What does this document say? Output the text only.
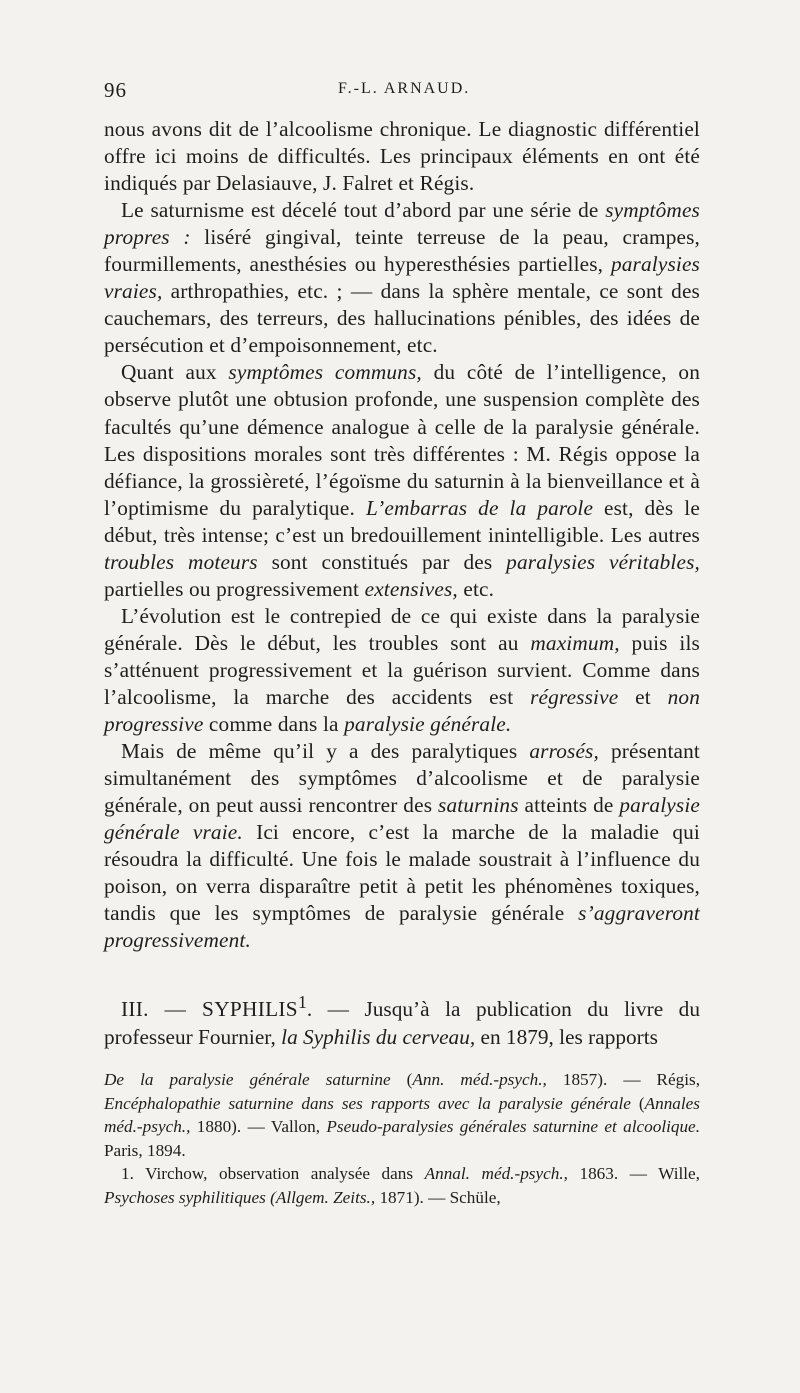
96	F.-L. ARNAUD.

nous avons dit de l’alcoolisme chronique. Le diagnostic différentiel offre ici moins de difficultés. Les principaux éléments en ont été indiqués par Delasiauve, J. Falret et Régis.

Le saturnisme est décelé tout d’abord par une série de symptômes propres : liséré gingival, teinte terreuse de la peau, crampes, fourmillements, anesthésies ou hyperesthésies partielles, paralysies vraies, arthropathies, etc. ; — dans la sphère mentale, ce sont des cauchemars, des terreurs, des hallucinations pénibles, des idées de persécution et d’empoisonnement, etc.

Quant aux symptômes communs, du côté de l’intelligence, on observe plutôt une obtusion profonde, une suspension complète des facultés qu’une démence analogue à celle de la paralysie générale. Les dispositions morales sont très différentes : M. Régis oppose la défiance, la grossièreté, l’égoïsme du saturnin à la bienveillance et à l’optimisme du paralytique. L’embarras de la parole est, dès le début, très intense; c’est un bredouillement inintelligible. Les autres troubles moteurs sont constitués par des paralysies véritables, partielles ou progressivement extensives, etc.

L’évolution est le contrepied de ce qui existe dans la paralysie générale. Dès le début, les troubles sont au maximum, puis ils s’atténuent progressivement et la guérison survient. Comme dans l’alcoolisme, la marche des accidents est régressive et non progressive comme dans la paralysie générale.

Mais de même qu’il y a des paralytiques arrosés, présentant simultanément des symptômes d’alcoolisme et de paralysie générale, on peut aussi rencontrer des saturnins atteints de paralysie générale vraie. Ici encore, c’est la marche de la maladie qui résoudra la difficulté. Une fois le malade soustrait à l’influence du poison, on verra disparaître petit à petit les phénomènes toxiques, tandis que les symptômes de paralysie générale s’aggraveront progressivement.

III. — SYPHILIS$^1$. — Jusqu’à la publication du livre du professeur Fournier, la Syphilis du cerveau, en 1879, les rapports

De la paralysie générale saturnine (Ann. méd.-psych., 1857). — Régis, Encéphalopathie saturnine dans ses rapports avec la paralysie générale (Annales méd.-psych., 1880). — Vallon, Pseudo-paralysies générales saturnine et alcoolique. Paris, 1894.

1. Virchow, observation analysée dans Annal. méd.-psych., 1863. — Wille, Psychoses syphilitiques (Allgem. Zeits., 1871). — Schüle,
